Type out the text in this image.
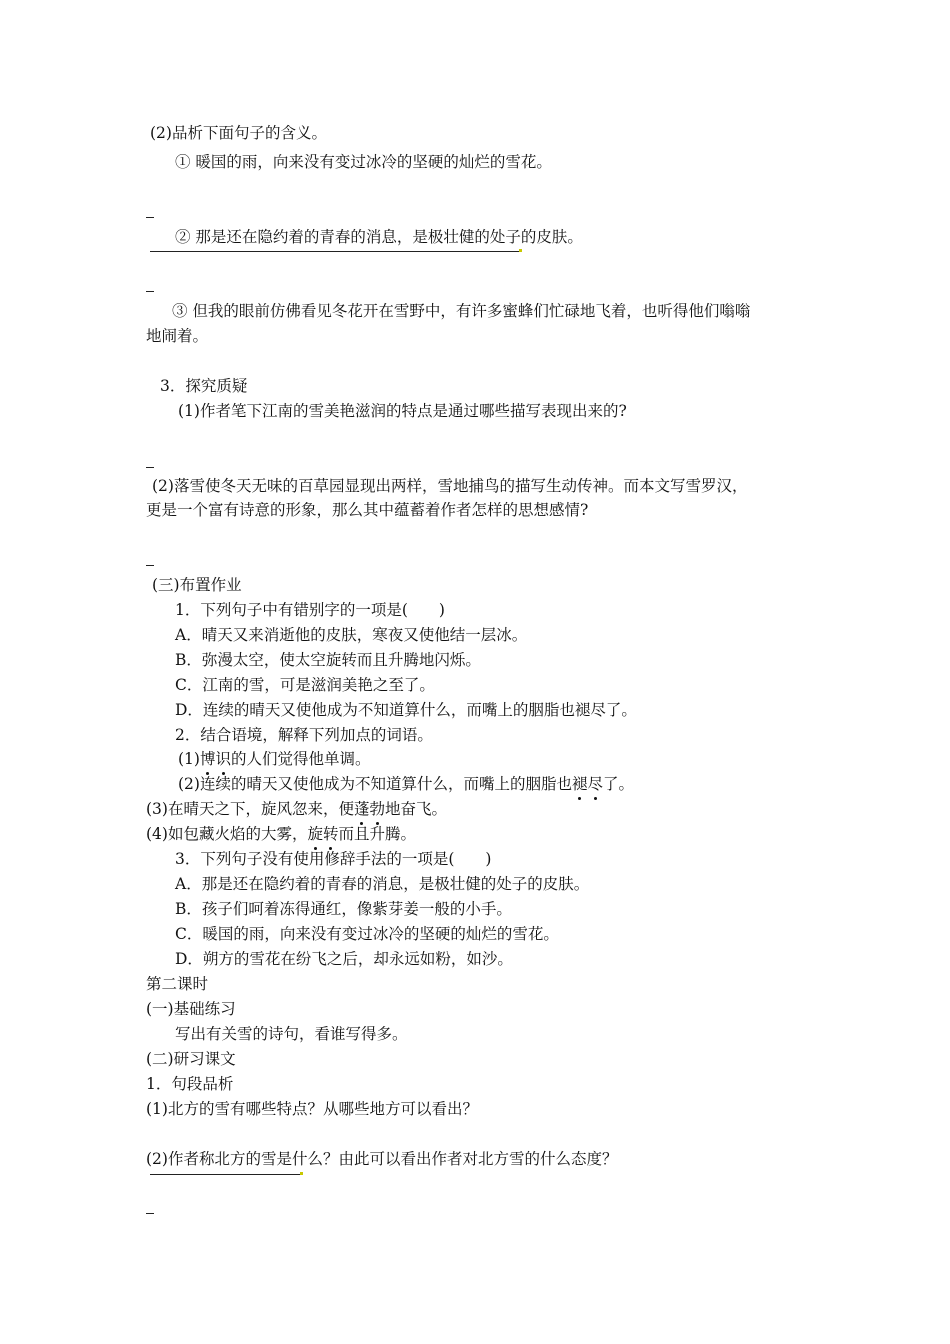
(2)品析下面句子的含义。
① 暖国的雨，向来没有变过冰冷的坚硬的灿烂的雪花。
② 那是还在隐约着的青春的消息，是极壮健的处子的皮肤。
③ 但我的眼前仿佛看见冬花开在雪野中，有许多蜜蜂们忙碌地飞着，也听得他们嗡嗡
地闹着。
3．探究质疑
(1)作者笔下江南的雪美艳滋润的特点是通过哪些描写表现出来的?
(2)落雪使冬天无味的百草园显现出两样，雪地捕鸟的描写生动传神。而本文写雪罗汉，
更是一个富有诗意的形象，那么其中蕴蓄着作者怎样的思想感情?
(三)布置作业
1．下列句子中有错别字的一项是(　　)
A．晴天又来消逝他的皮肤，寒夜又使他结一层冰。
B．弥漫太空，使太空旋转而且升腾地闪烁。
C．江南的雪，可是滋润美艳之至了。
D．连续的晴天又使他成为不知道算什么，而嘴上的胭脂也褪尽了。
2．结合语境，解释下列加点的词语。
(1)博识的人们觉得他单调。
(2)连续的晴天又使他成为不知道算什么，而嘴上的胭脂也褪尽了。
(3)在晴天之下，旋风忽来，便蓬勃地奋飞。
(4)如包藏火焰的大雾，旋转而且升腾。
3．下列句子没有使用修辞手法的一项是(　　)
A．那是还在隐约着的青春的消息，是极壮健的处子的皮肤。
B．孩子们呵着冻得通红，像紫芽姜一般的小手。
C．暖国的雨，向来没有变过冰冷的坚硬的灿烂的雪花。
D．朔方的雪花在纷飞之后，却永远如粉，如沙。
第二课时
(一)基础练习
写出有关雪的诗句，看谁写得多。
(二)研习课文
1．句段品析
(1)北方的雪有哪些特点？从哪些地方可以看出？
(2)作者称北方的雪是什么？由此可以看出作者对北方雪的什么态度？
